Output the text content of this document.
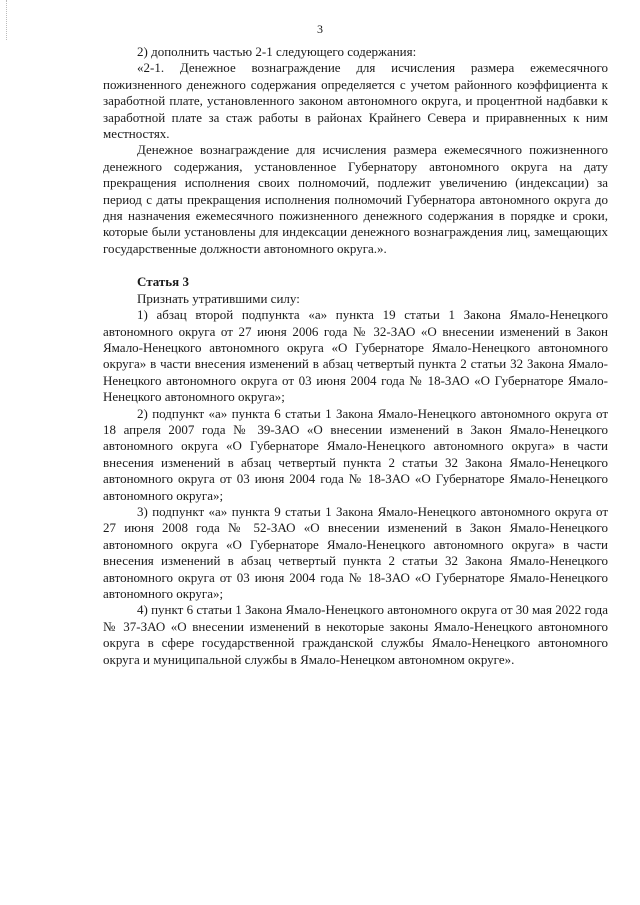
3

2) дополнить частью 2-1 следующего содержания:

«2-1. Денежное вознаграждение для исчисления размера ежемесячного пожизненного денежного содержания определяется с учетом районного коэффициента к заработной плате, установленного законом автономного округа, и процентной надбавки к заработной плате за стаж работы в районах Крайнего Севера и приравненных к ним местностях.

Денежное вознаграждение для исчисления размера ежемесячного пожизненного денежного содержания, установленное Губернатору автономного округа на дату прекращения исполнения своих полномочий, подлежит увеличению (индексации) за период с даты прекращения исполнения полномочий Губернатора автономного округа до дня назначения ежемесячного пожизненного денежного содержания в порядке и сроки, которые были установлены для индексации денежного вознаграждения лиц, замещающих государственные должности автономного округа.».

Статья 3

Признать утратившими силу:

1) абзац второй подпункта «а» пункта 19 статьи 1 Закона Ямало-Ненецкого автономного округа от 27 июня 2006 года № 32-ЗАО «О внесении изменений в Закон Ямало-Ненецкого автономного округа «О Губернаторе Ямало-Ненецкого автономного округа» в части внесения изменений в абзац четвертый пункта 2 статьи 32 Закона Ямало-Ненецкого автономного округа от 03 июня 2004 года № 18-ЗАО «О Губернаторе Ямало-Ненецкого автономного округа»;

2) подпункт «а» пункта 6 статьи 1 Закона Ямало-Ненецкого автономного округа от 18 апреля 2007 года № 39-ЗАО «О внесении изменений в Закон Ямало-Ненецкого автономного округа «О Губернаторе Ямало-Ненецкого автономного округа» в части внесения изменений в абзац четвертый пункта 2 статьи 32 Закона Ямало-Ненецкого автономного округа от 03 июня 2004 года № 18-ЗАО «О Губернаторе Ямало-Ненецкого автономного округа»;

3) подпункт «а» пункта 9 статьи 1 Закона Ямало-Ненецкого автономного округа от 27 июня 2008 года № 52-ЗАО «О внесении изменений в Закон Ямало-Ненецкого автономного округа «О Губернаторе Ямало-Ненецкого автономного округа» в части внесения изменений в абзац четвертый пункта 2 статьи 32 Закона Ямало-Ненецкого автономного округа от 03 июня 2004 года № 18-ЗАО «О Губернаторе Ямало-Ненецкого автономного округа»;

4) пункт 6 статьи 1 Закона Ямало-Ненецкого автономного округа от 30 мая 2022 года № 37-ЗАО «О внесении изменений в некоторые законы Ямало-Ненецкого автономного округа в сфере государственной гражданской службы Ямало-Ненецкого автономного округа и муниципальной службы в Ямало-Ненецком автономном округе».
